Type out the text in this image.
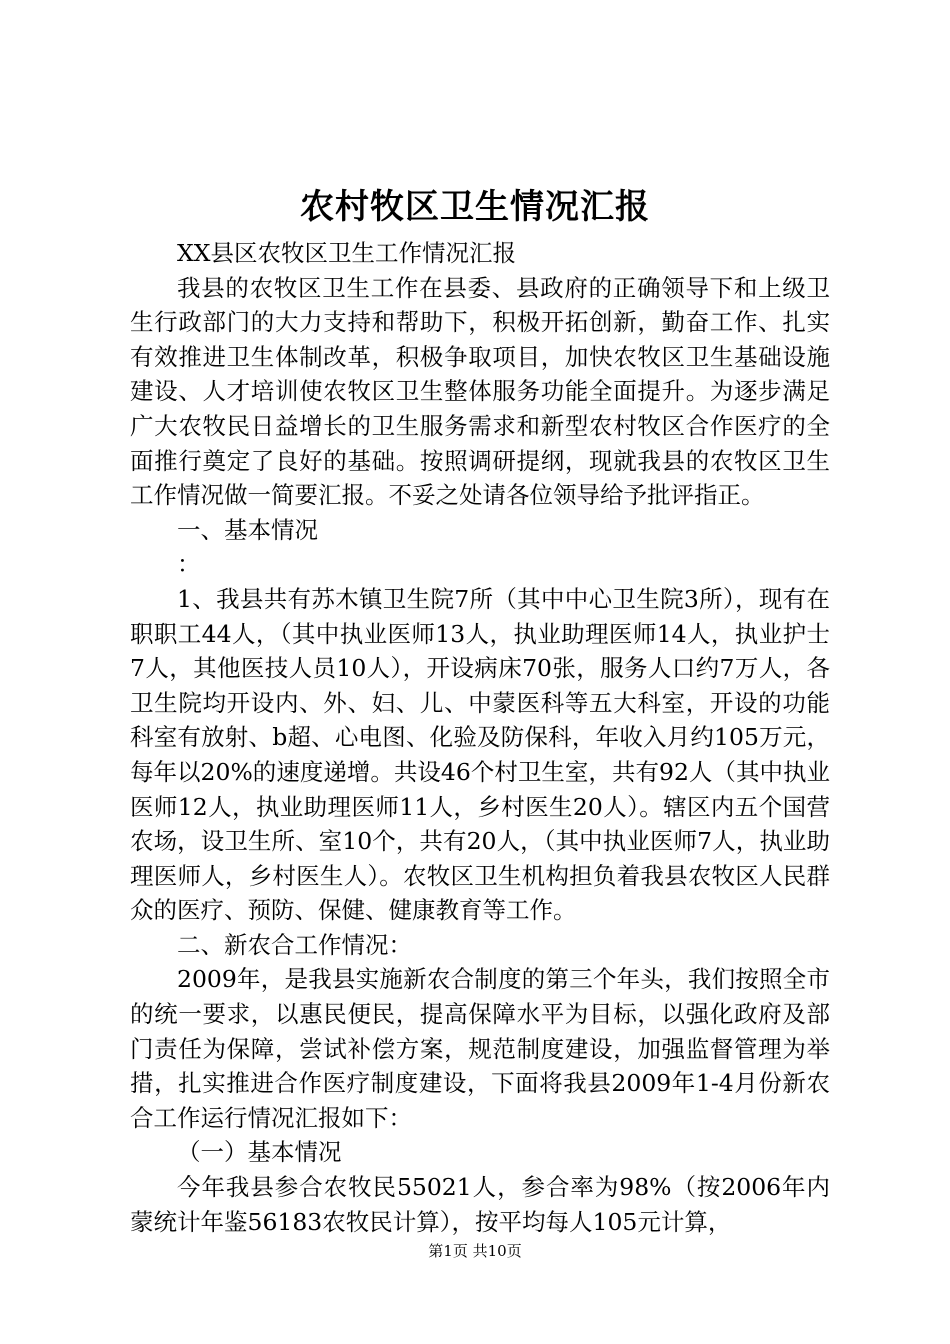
农村牧区卫生情况汇报

XX县区农牧区卫生工作情况汇报

我县的农牧区卫生工作在县委、县政府的正确领导下和上级卫生行政部门的大力支持和帮助下，积极开拓创新，勤奋工作、扎实有效推进卫生体制改革，积极争取项目，加快农牧区卫生基础设施建设、人才培训使农牧区卫生整体服务功能全面提升。为逐步满足广大农牧民日益增长的卫生服务需求和新型农村牧区合作医疗的全面推行奠定了良好的基础。按照调研提纲，现就我县的农牧区卫生工作情况做一简要汇报。不妥之处请各位领导给予批评指正。

一、基本情况

：

1、我县共有苏木镇卫生院7所（其中中心卫生院3所），现有在职职工44人，（其中执业医师13人，执业助理医师14人，执业护士7人，其他医技人员10人），开设病床70张，服务人口约7万人，各卫生院均开设内、外、妇、儿、中蒙医科等五大科室，开设的功能科室有放射、b超、心电图、化验及防保科，年收入月约105万元，每年以20%的速度递增。共设46个村卫生室，共有92人（其中执业医师12人，执业助理医师11人，乡村医生20人）。辖区内五个国营农场，设卫生所、室10个，共有20人，（其中执业医师7人，执业助理医师人，乡村医生人）。农牧区卫生机构担负着我县农牧区人民群众的医疗、预防、保健、健康教育等工作。

二、新农合工作情况：

2009年，是我县实施新农合制度的第三个年头，我们按照全市的统一要求，以惠民便民，提高保障水平为目标，以强化政府及部门责任为保障，尝试补偿方案，规范制度建设，加强监督管理为举措，扎实推进合作医疗制度建设，下面将我县2009年1-4月份新农合工作运行情况汇报如下：

（一）基本情况

今年我县参合农牧民55021人，参合率为98%（按2006年内蒙统计年鉴56183农牧民计算），按平均每人105元计算，

第1页 共10页
